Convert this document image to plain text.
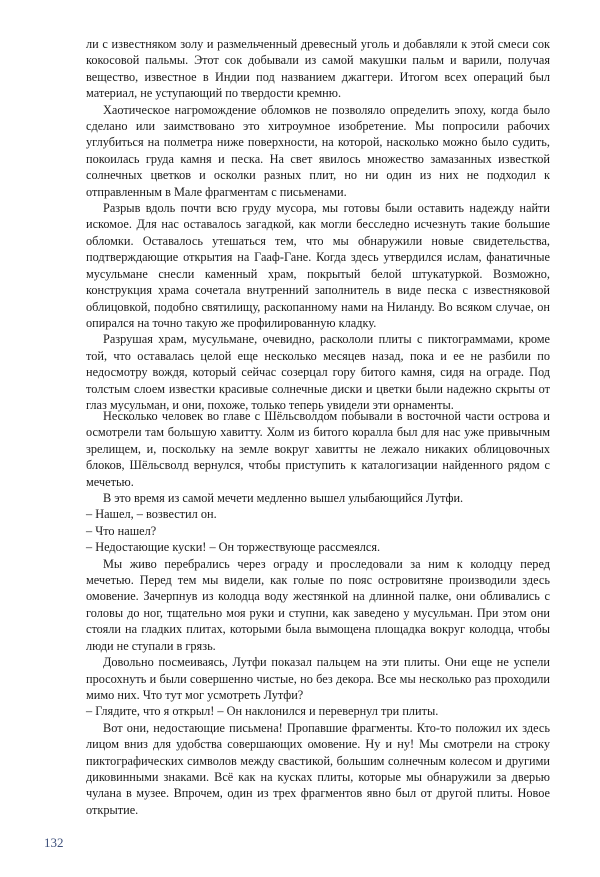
ли с известняком золу и размельченный древесный уголь и добавляли к этой смеси сок кокосовой пальмы. Этот сок добывали из самой макушки пальм и варили, получая вещество, известное в Индии под названием джаггери. Итогом всех операций был материал, не уступающий по твердости кремню.

Хаотическое нагромождение обломков не позволяло определить эпоху, когда было сделано или заимствовано это хитроумное изобретение. Мы попросили рабочих углубиться на полметра ниже поверхности, на которой, насколько можно было судить, покоилась груда камня и песка. На свет явилось множество замазанных известкой солнечных цветков и осколки разных плит, но ни один из них не подходил к отправленным в Мале фрагментам с письменами.

Разрыв вдоль почти всю груду мусора, мы готовы были оставить надежду найти искомое. Для нас оставалось загадкой, как могли бесследно исчезнуть такие большие обломки. Оставалось утешаться тем, что мы обнаружили новые свидетельства, подтверждающие открытия на Гааф-Гане. Когда здесь утвердился ислам, фанатичные мусульмане снесли каменный храм, покрытый белой штукатуркой. Возможно, конструкция храма сочетала внутренний заполнитель в виде песка с известняковой облицовкой, подобно святилищу, раскопанному нами на Ниланду. Во всяком случае, он опирался на точно такую же профилированную кладку.

Разрушая храм, мусульмане, очевидно, раскололи плиты с пиктограммами, кроме той, что оставалась целой еще несколько месяцев назад, пока и ее не разбили по недосмотру вождя, который сейчас созерцал гору битого камня, сидя на ограде. Под толстым слоем известки красивые солнечные диски и цветки были надежно скрыты от глаз мусульман, и они, похоже, только теперь увидели эти орнаменты.

Несколько человек во главе с Шёльсволдом побывали в восточной части острова и осмотрели там большую хавитту. Холм из битого коралла был для нас уже привычным зрелищем, и, поскольку на земле вокруг хавитты не лежало никаких облицовочных блоков, Шёльсволд вернулся, чтобы приступить к каталогизации найденного рядом с мечетью.

В это время из самой мечети медленно вышел улыбающийся Лутфи.

– Нашел, – возвестил он.

– Что нашел?

– Недостающие куски! – Он торжествующе рассмеялся.

Мы живо перебрались через ограду и проследовали за ним к колодцу перед мечетью. Перед тем мы видели, как голые по пояс островитяне производили здесь омовение. Зачерпнув из колодца воду жестянкой на длинной палке, они обливались с головы до ног, тщательно моя руки и ступни, как заведено у мусульман. При этом они стояли на гладких плитах, которыми была вымощена площадка вокруг колодца, чтобы люди не ступали в грязь.

Довольно посмеиваясь, Лутфи показал пальцем на эти плиты. Они еще не успели просохнуть и были совершенно чистые, но без декора. Все мы несколько раз проходили мимо них. Что тут мог усмотреть Лутфи?

– Глядите, что я открыл! – Он наклонился и перевернул три плиты.

Вот они, недостающие письмена! Пропавшие фрагменты. Кто-то положил их здесь лицом вниз для удобства совершающих омовение. Ну и ну! Мы смотрели на строку пиктографических символов между свастикой, большим солнечным колесом и другими диковинными знаками. Всё как на кусках плиты, которые мы обнаружили за дверью чулана в музее. Впрочем, один из трех фрагментов явно был от другой плиты. Новое открытие.

132
